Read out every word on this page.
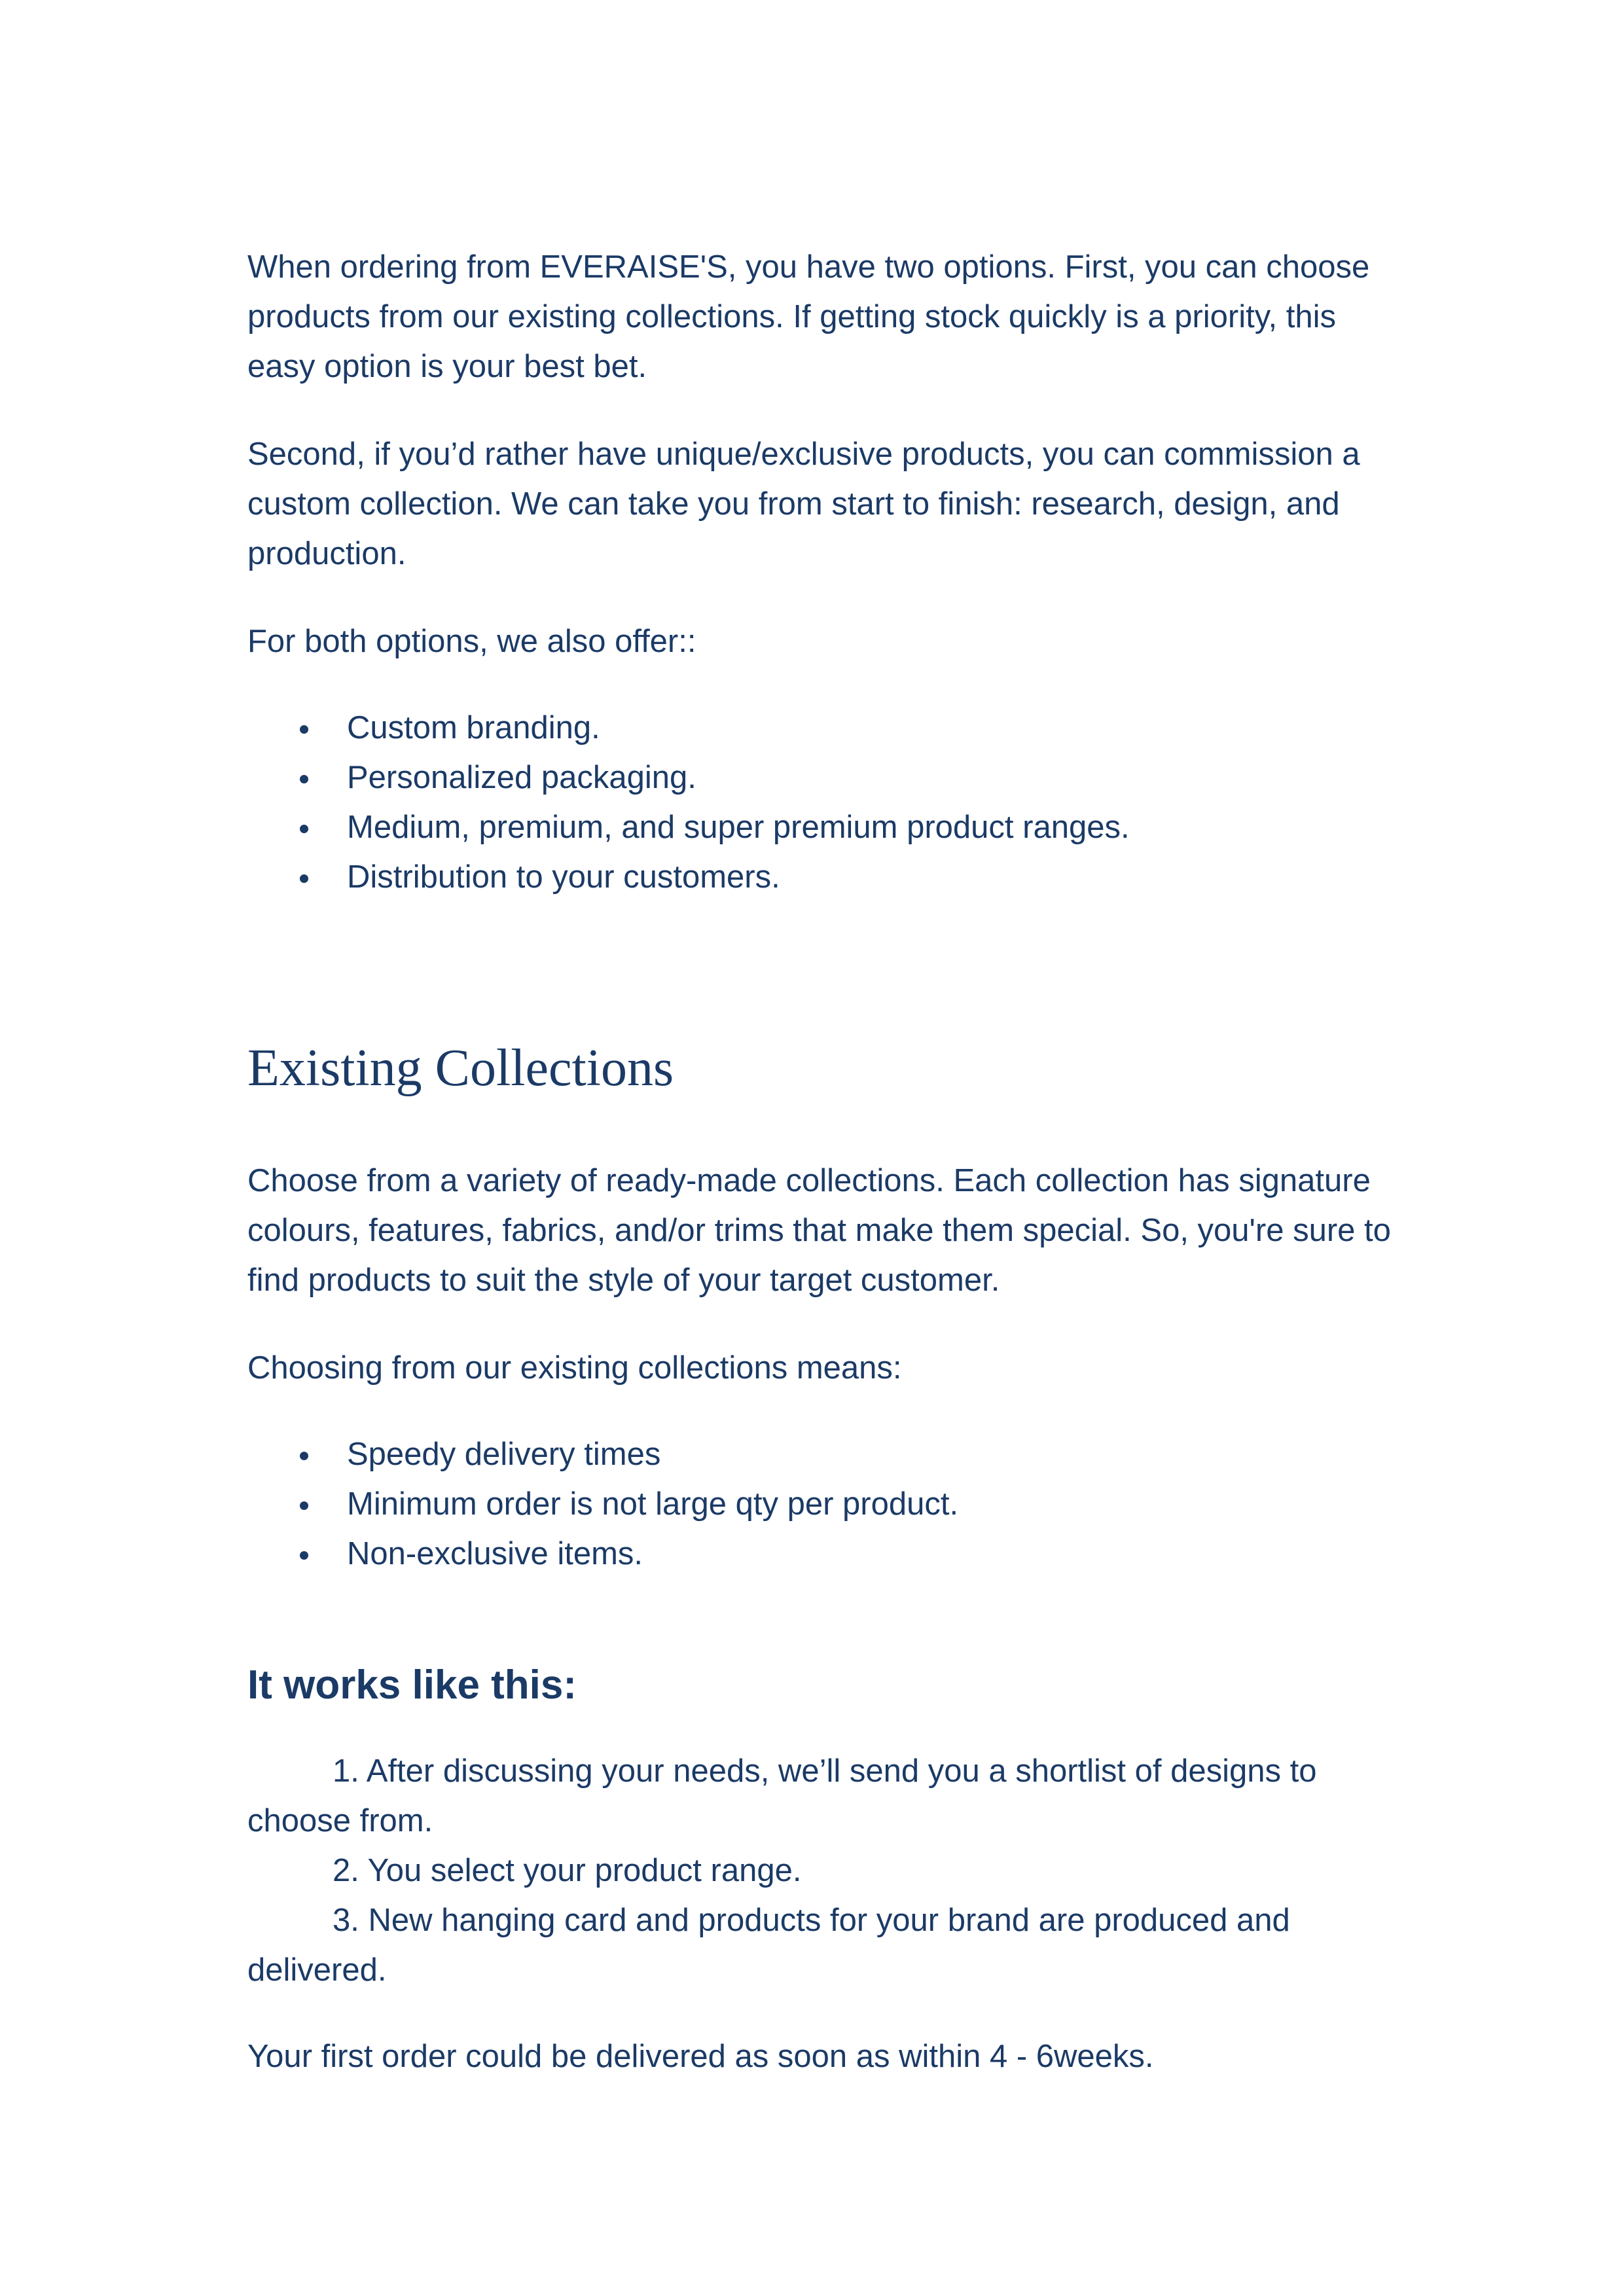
When ordering from EVERAISE'S, you have two options. First, you can choose products from our existing collections. If getting stock quickly is a priority, this easy option is your best bet.

Second, if you’d rather have unique/exclusive products, you can commission a custom collection. We can take you from start to finish: research, design, and production.

For both options, we also offer::

Custom branding.
Personalized packaging.
Medium, premium, and super premium product ranges.
Distribution to your customers.
Existing Collections

Choose from a variety of ready-made collections. Each collection has signature colours, features, fabrics, and/or trims that make them special. So, you're sure to find products to suit the style of your target customer.

Choosing from our existing collections means:

Speedy delivery times
Minimum order is not large qty per product.
Non-exclusive items.
It works like this:

1. After discussing your needs, we’ll send you a shortlist of designs to choose from.

2. You select your product range.

3. New hanging card and products for your brand are produced and delivered.

Your first order could be delivered as soon as within 4 - 6weeks.
